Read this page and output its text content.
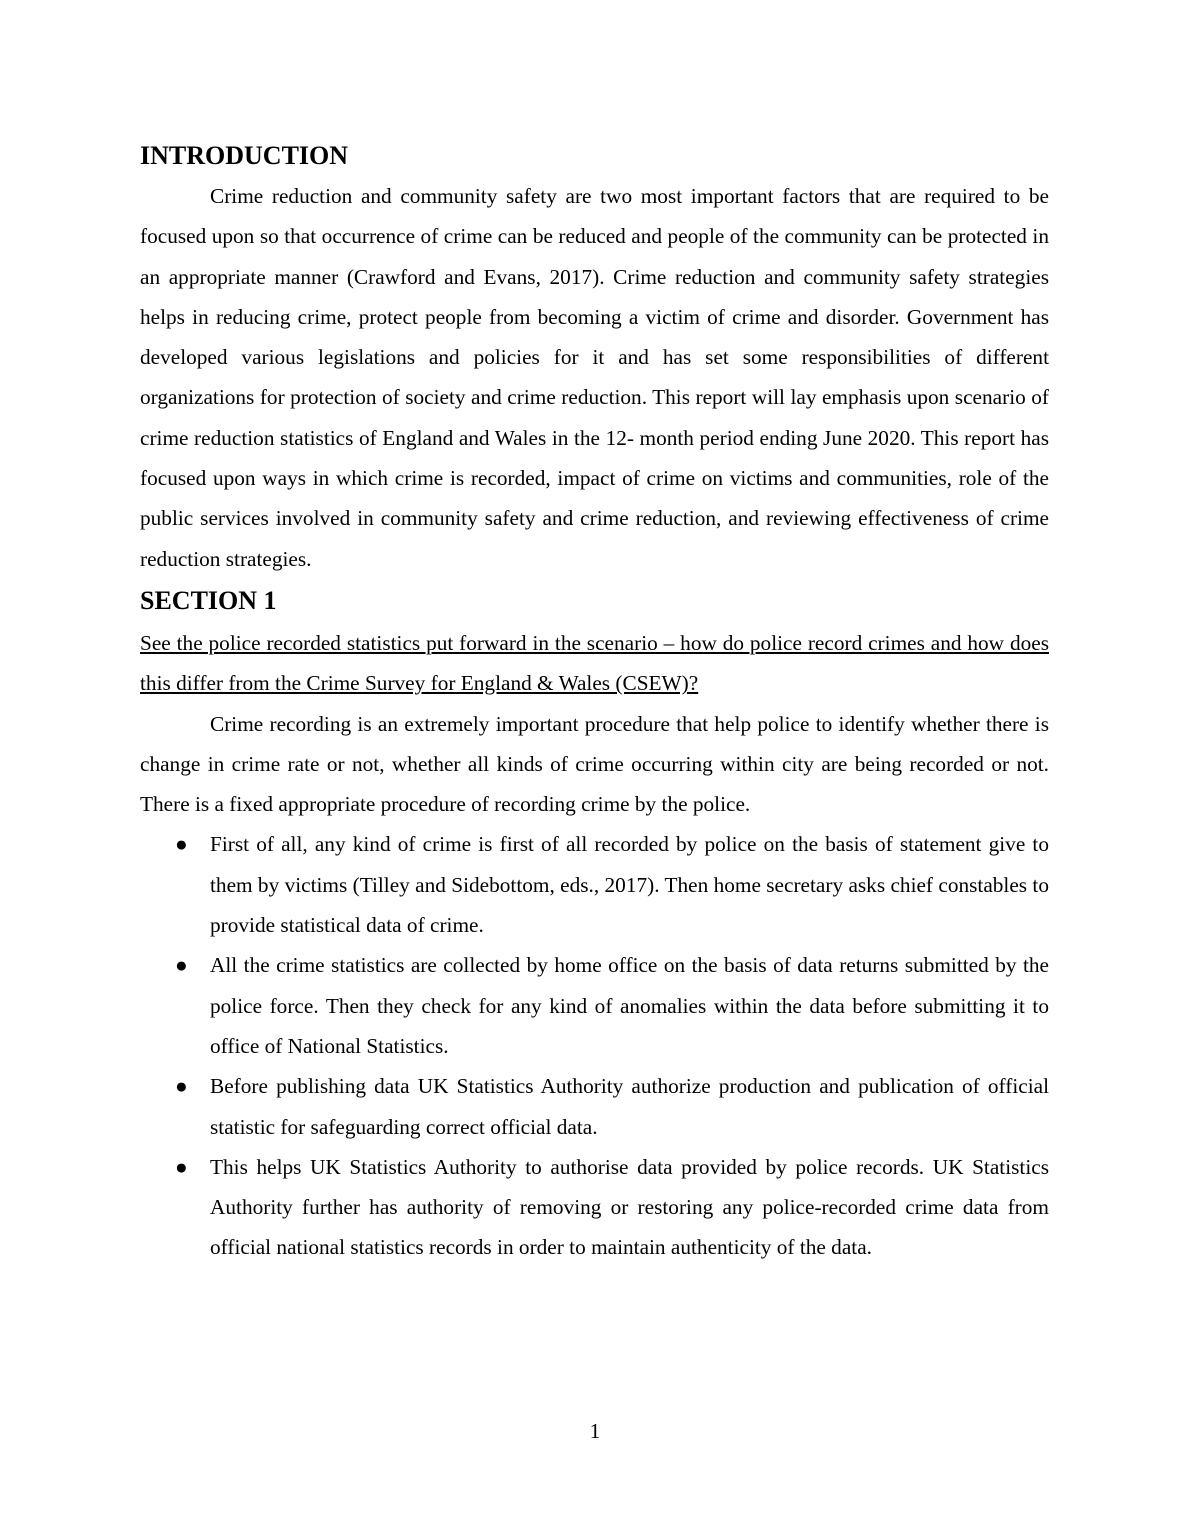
INTRODUCTION

Crime reduction and community safety are two most important factors that are required to be focused upon so that occurrence of crime can be reduced and people of the community can be protected in an appropriate manner (Crawford and Evans, 2017). Crime reduction and community safety strategies helps in reducing crime, protect people from becoming a victim of crime and disorder. Government has developed various legislations and policies for it and has set some responsibilities of different organizations for protection of society and crime reduction. This report will lay emphasis upon scenario of crime reduction statistics of England and Wales in the 12- month period ending June 2020. This report has focused upon ways in which crime is recorded, impact of crime on victims and communities, role of the public services involved in community safety and crime reduction, and reviewing effectiveness of crime reduction strategies.

SECTION 1

See the police recorded statistics put forward in the scenario – how do police record crimes and how does this differ from the Crime Survey for England & Wales (CSEW)?

Crime recording is an extremely important procedure that help police to identify whether there is change in crime rate or not, whether all kinds of crime occurring within city are being recorded or not. There is a fixed appropriate procedure of recording crime by the police.

● First of all, any kind of crime is first of all recorded by police on the basis of statement give to them by victims (Tilley and Sidebottom, eds., 2017). Then home secretary asks chief constables to provide statistical data of crime.
● All the crime statistics are collected by home office on the basis of data returns submitted by the police force. Then they check for any kind of anomalies within the data before submitting it to office of National Statistics.
● Before publishing data UK Statistics Authority authorize production and publication of official statistic for safeguarding correct official data.
● This helps UK Statistics Authority to authorise data provided by police records. UK Statistics Authority further has authority of removing or restoring any police-recorded crime data from official national statistics records in order to maintain authenticity of the data.
1
